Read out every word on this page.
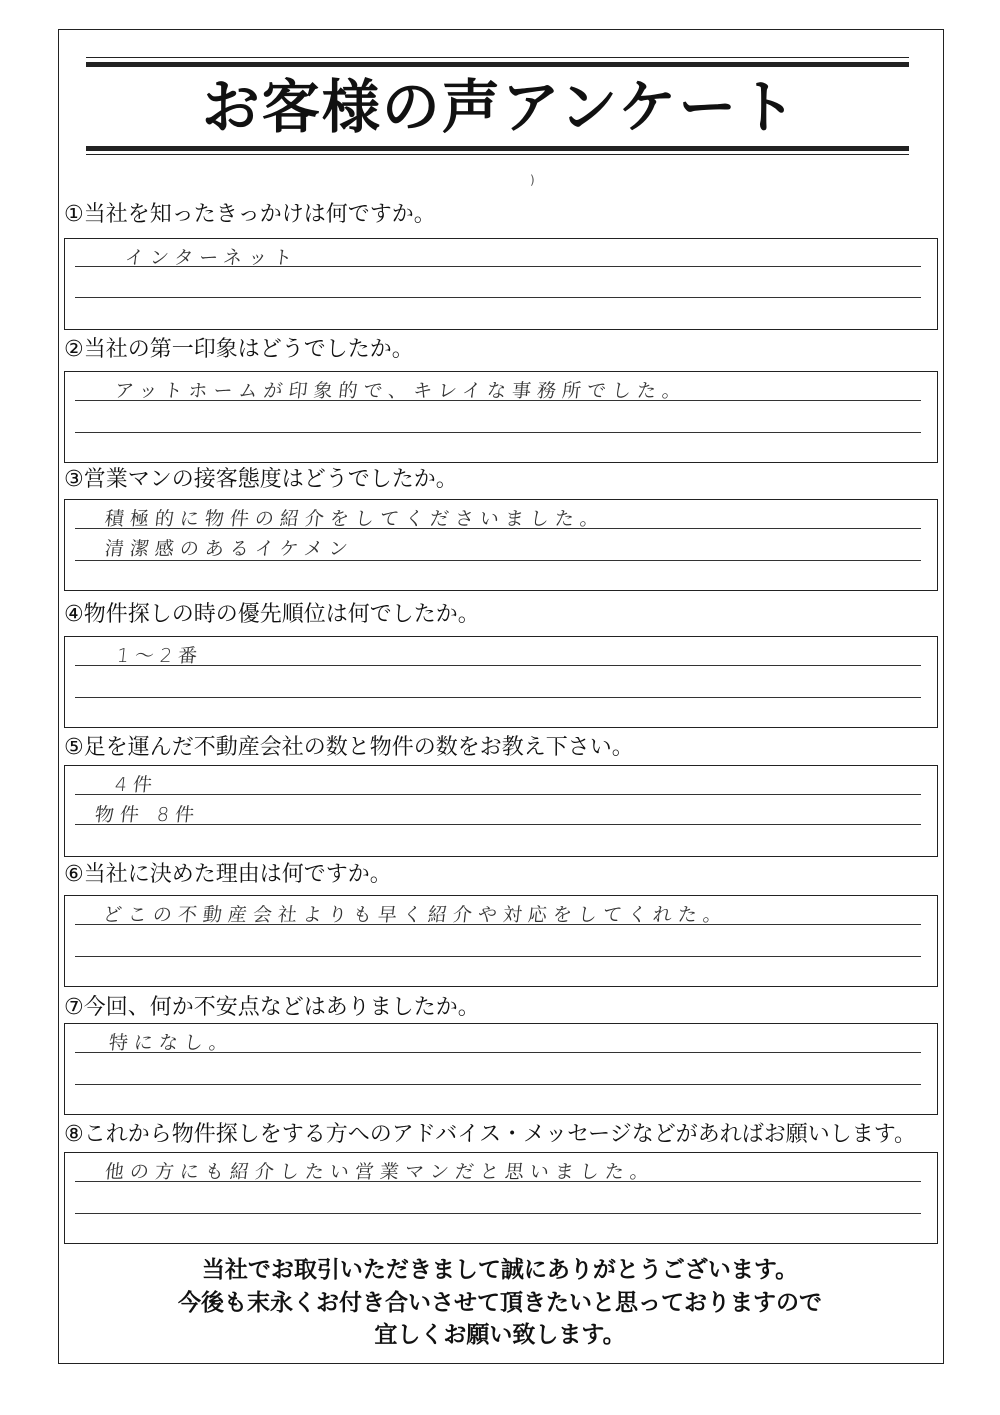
お客様の声アンケート
)
①当社を知ったきっかけは何ですか。
インターネット
②当社の第一印象はどうでしたか。
アットホームが印象的で、キレイな事務所でした。
③営業マンの接客態度はどうでしたか。
積極的に物件の紹介をしてくださいました。
清潔感のあるイケメン
④物件探しの時の優先順位は何でしたか。
1〜2番
⑤足を運んだ不動産会社の数と物件の数をお教え下さい。
4件
物件 8件
⑥当社に決めた理由は何ですか。
どこの不動産会社よりも早く紹介や対応をしてくれた。
⑦今回、何か不安点などはありましたか。
特になし。
⑧これから物件探しをする方へのアドバイス・メッセージなどがあればお願いします。
他の方にも紹介したい営業マンだと思いました。
当社でお取引いただきまして誠にありがとうございます。
今後も末永くお付き合いさせて頂きたいと思っておりますので
宜しくお願い致します。
